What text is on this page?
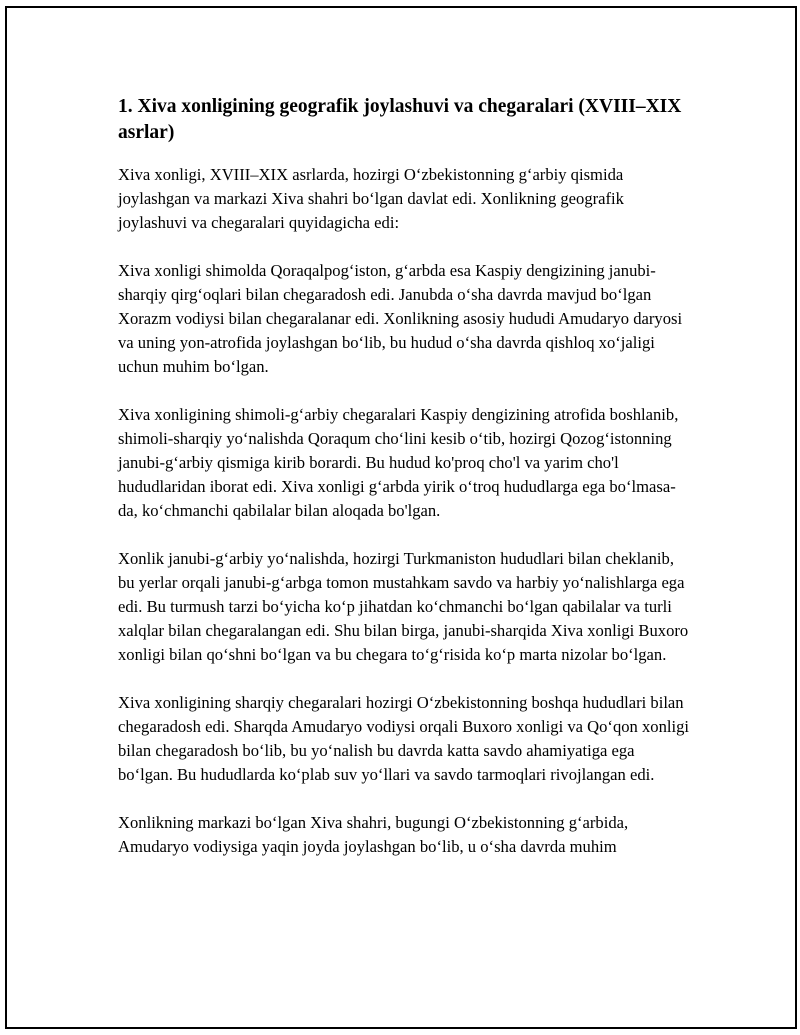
1. Xiva xonligining geografik joylashuvi va chegaralari (XVIII–XIX asrlar)

Xiva xonligi, XVIII–XIX asrlarda, hozirgi O‘zbekistonning g‘arbiy qismida joylashgan va markazi Xiva shahri bo‘lgan davlat edi. Xonlikning geografik joylashuvi va chegaralari quyidagicha edi:

Xiva xonligi shimolda Qoraqalpog‘iston, g‘arbda esa Kaspiy dengizining janubi-sharqiy qirg‘oqlari bilan chegaradosh edi. Janubda o‘sha davrda mavjud bo‘lgan Xorazm vodiysi bilan chegaralanar edi. Xonlikning asosiy hududi Amudaryo daryosi va uning yon-atrofida joylashgan bo‘lib, bu hudud o‘sha davrda qishloq xo‘jaligi uchun muhim bo‘lgan.

Xiva xonligining shimoli-g‘arbiy chegaralari Kaspiy dengizining atrofida boshlanib, shimoli-sharqiy yo‘nalishda Qoraqum cho‘lini kesib o‘tib, hozirgi Qozog‘istonning janubi-g‘arbiy qismiga kirib borardi. Bu hudud ko'proq cho'l va yarim cho'l hududlaridan iborat edi. Xiva xonligi g‘arbda yirik o‘troq hududlarga ega bo‘lmasa-da, ko‘chmanchi qabilalar bilan aloqada bo'lgan.

Xonlik janubi-g‘arbiy yo‘nalishda, hozirgi Turkmaniston hududlari bilan cheklanib, bu yerlar orqali janubi-g‘arbga tomon mustahkam savdo va harbiy yo‘nalishlarga ega edi. Bu turmush tarzi bo‘yicha ko‘p jihatdan ko‘chmanchi bo‘lgan qabilalar va turli xalqlar bilan chegaralangan edi. Shu bilan birga, janubi-sharqida Xiva xonligi Buxoro xonligi bilan qo‘shni bo‘lgan va bu chegara to‘g‘risida ko‘p marta nizolar bo‘lgan.

Xiva xonligining sharqiy chegaralari hozirgi O‘zbekistonning boshqa hududlari bilan chegaradosh edi. Sharqda Amudaryo vodiysi orqali Buxoro xonligi va Qo‘qon xonligi bilan chegaradosh bo‘lib, bu yo‘nalish bu davrda katta savdo ahamiyatiga ega bo‘lgan. Bu hududlarda ko‘plab suv yo‘llari va savdo tarmoqlari rivojlangan edi.

Xonlikning markazi bo‘lgan Xiva shahri, bugungi O‘zbekistonning g‘arbida, Amudaryo vodiysiga yaqin joyda joylashgan bo‘lib, u o‘sha davrda muhim
